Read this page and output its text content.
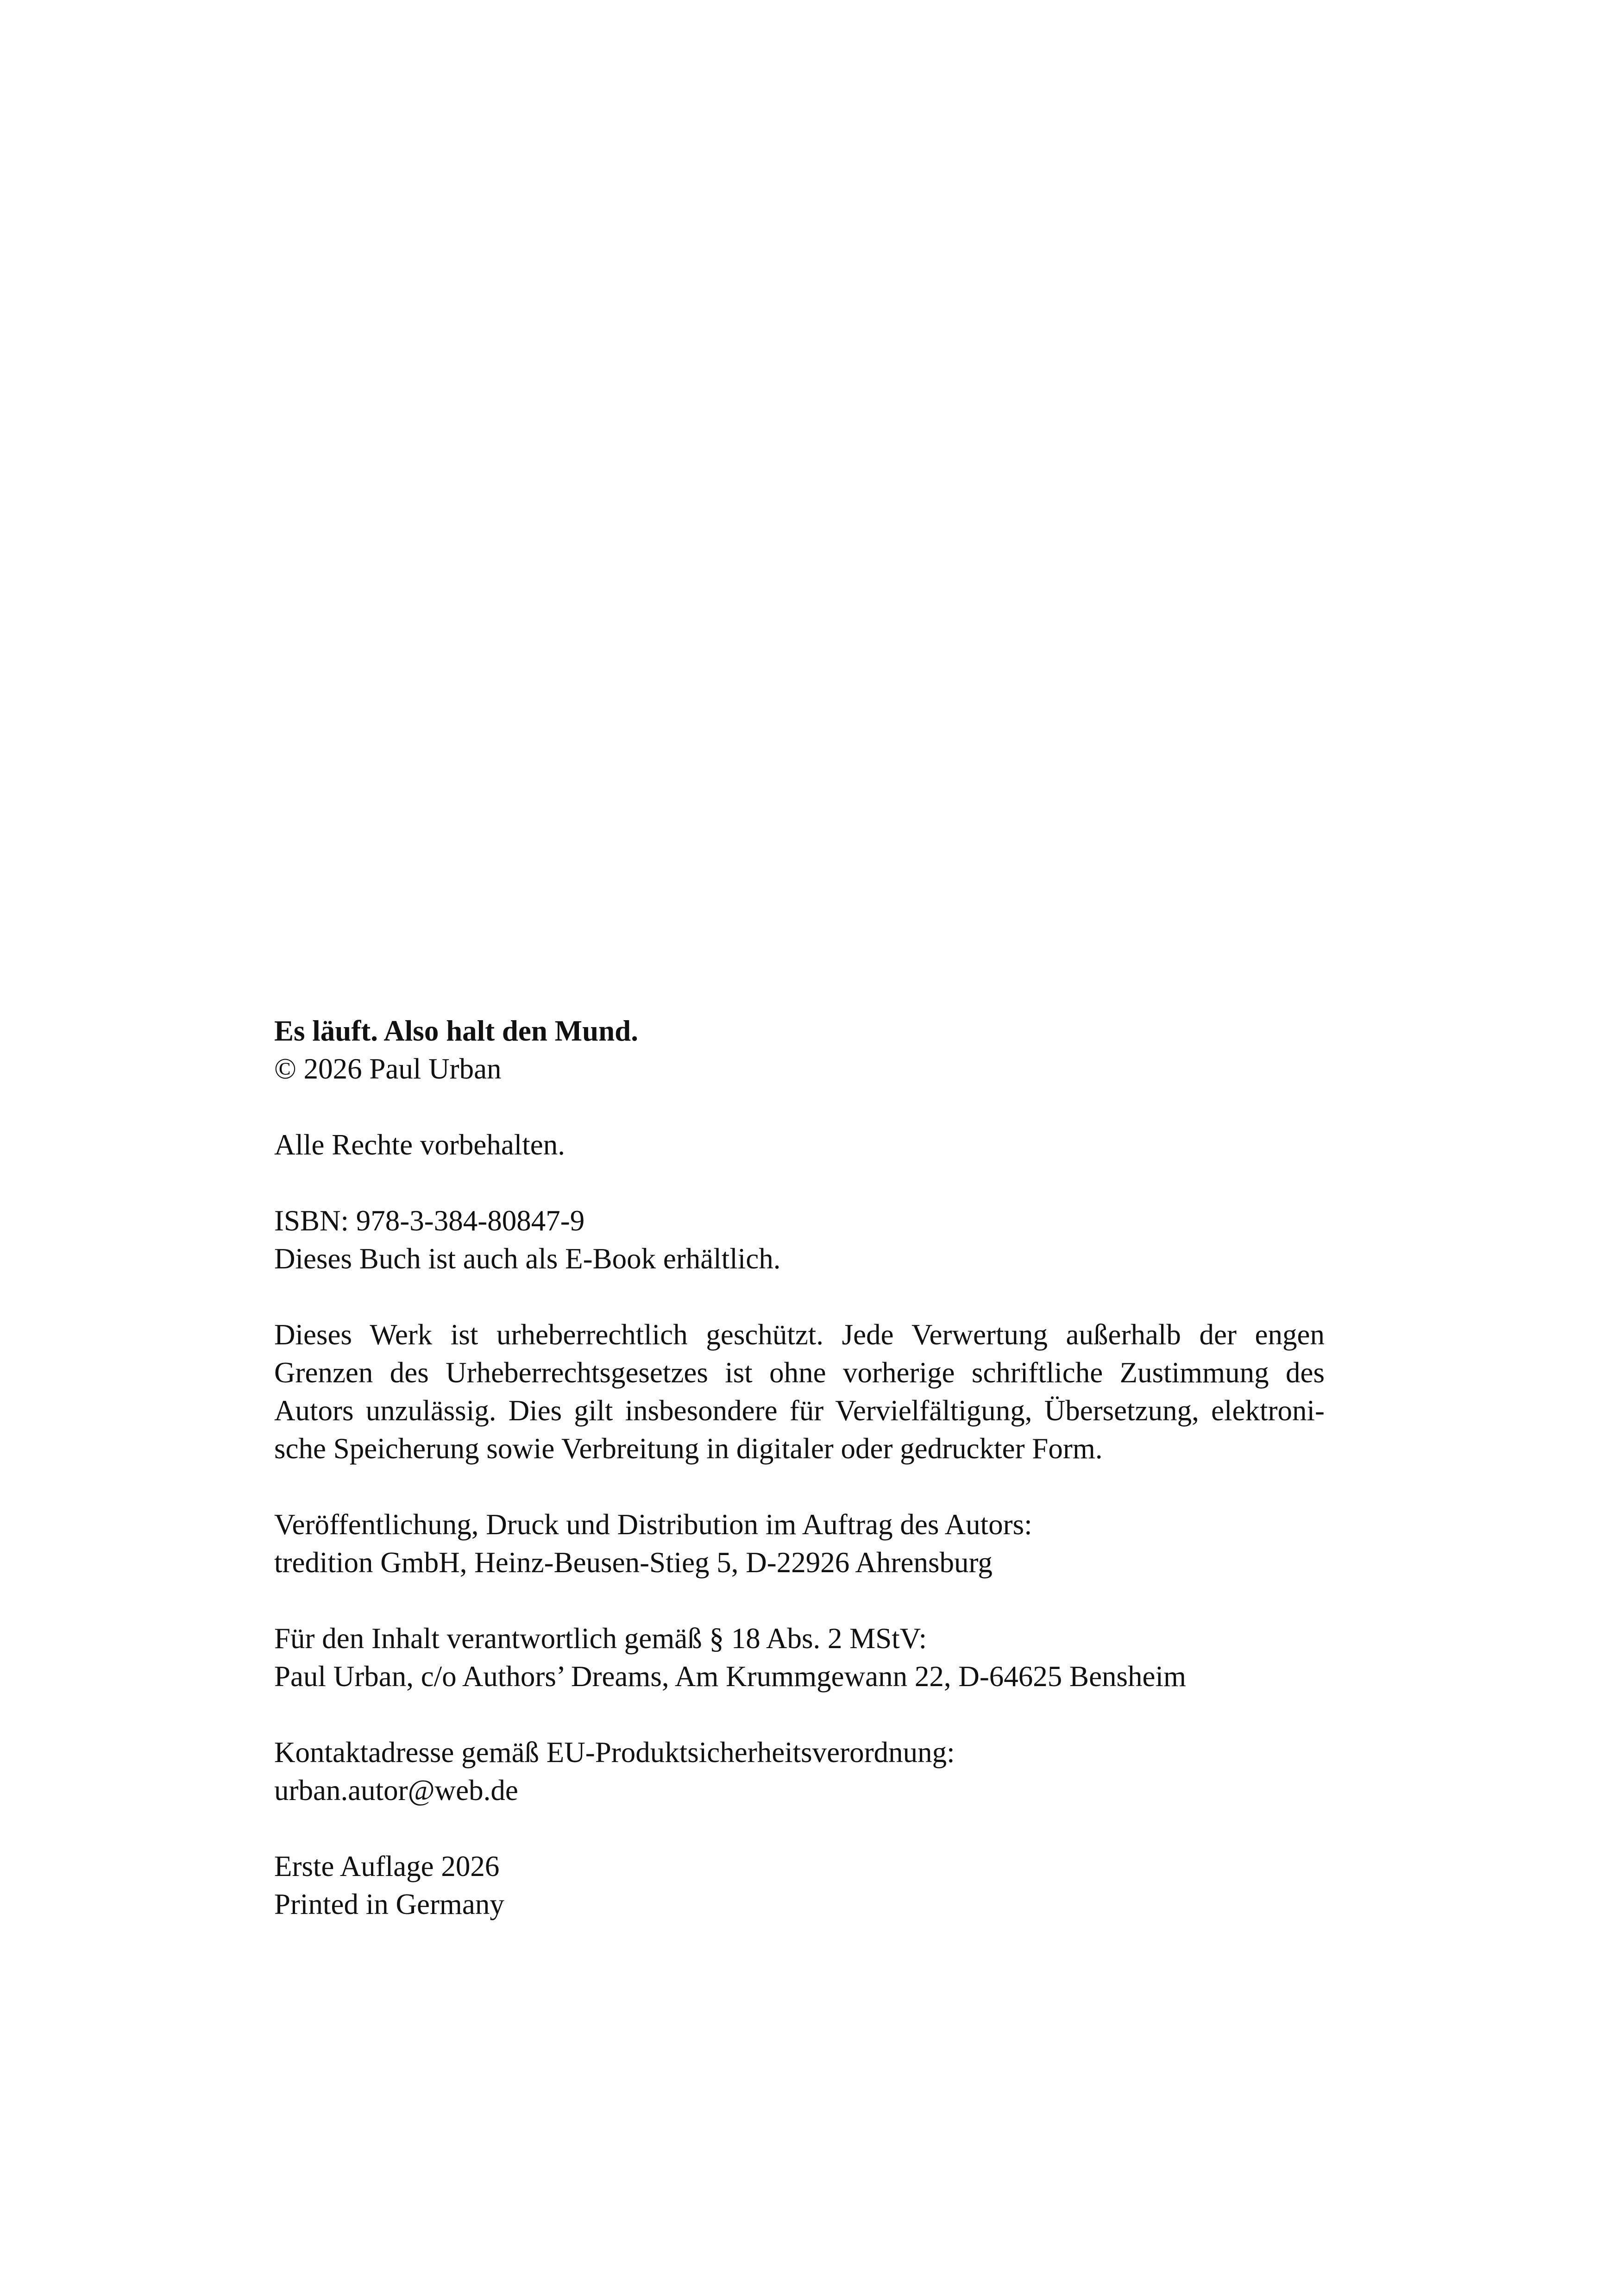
Es läuft. Also halt den Mund.

© 2026 Paul Urban

Alle Rechte vorbehalten.

ISBN: 978-3-384-80847-9

Dieses Buch ist auch als E-Book erhältlich.

Dieses Werk ist urheberrechtlich geschützt. Jede Verwertung außerhalb der engen

Grenzen des Urheberrechtsgesetzes ist ohne vorherige schriftliche Zustimmung des

Autors unzulässig. Dies gilt insbesondere für Vervielfältigung, Übersetzung, elektroni-

sche Speicherung sowie Verbreitung in digitaler oder gedruckter Form.

Veröffentlichung, Druck und Distribution im Auftrag des Autors:

tredition GmbH, Heinz-Beusen-Stieg 5, D-22926 Ahrensburg

Für den Inhalt verantwortlich gemäß § 18 Abs. 2 MStV:

Paul Urban, c/o Authors’ Dreams, Am Krummgewann 22, D-64625 Bensheim

Kontaktadresse gemäß EU-Produktsicherheitsverordnung:

urban.autor@web.de

Erste Auflage 2026

Printed in Germany
